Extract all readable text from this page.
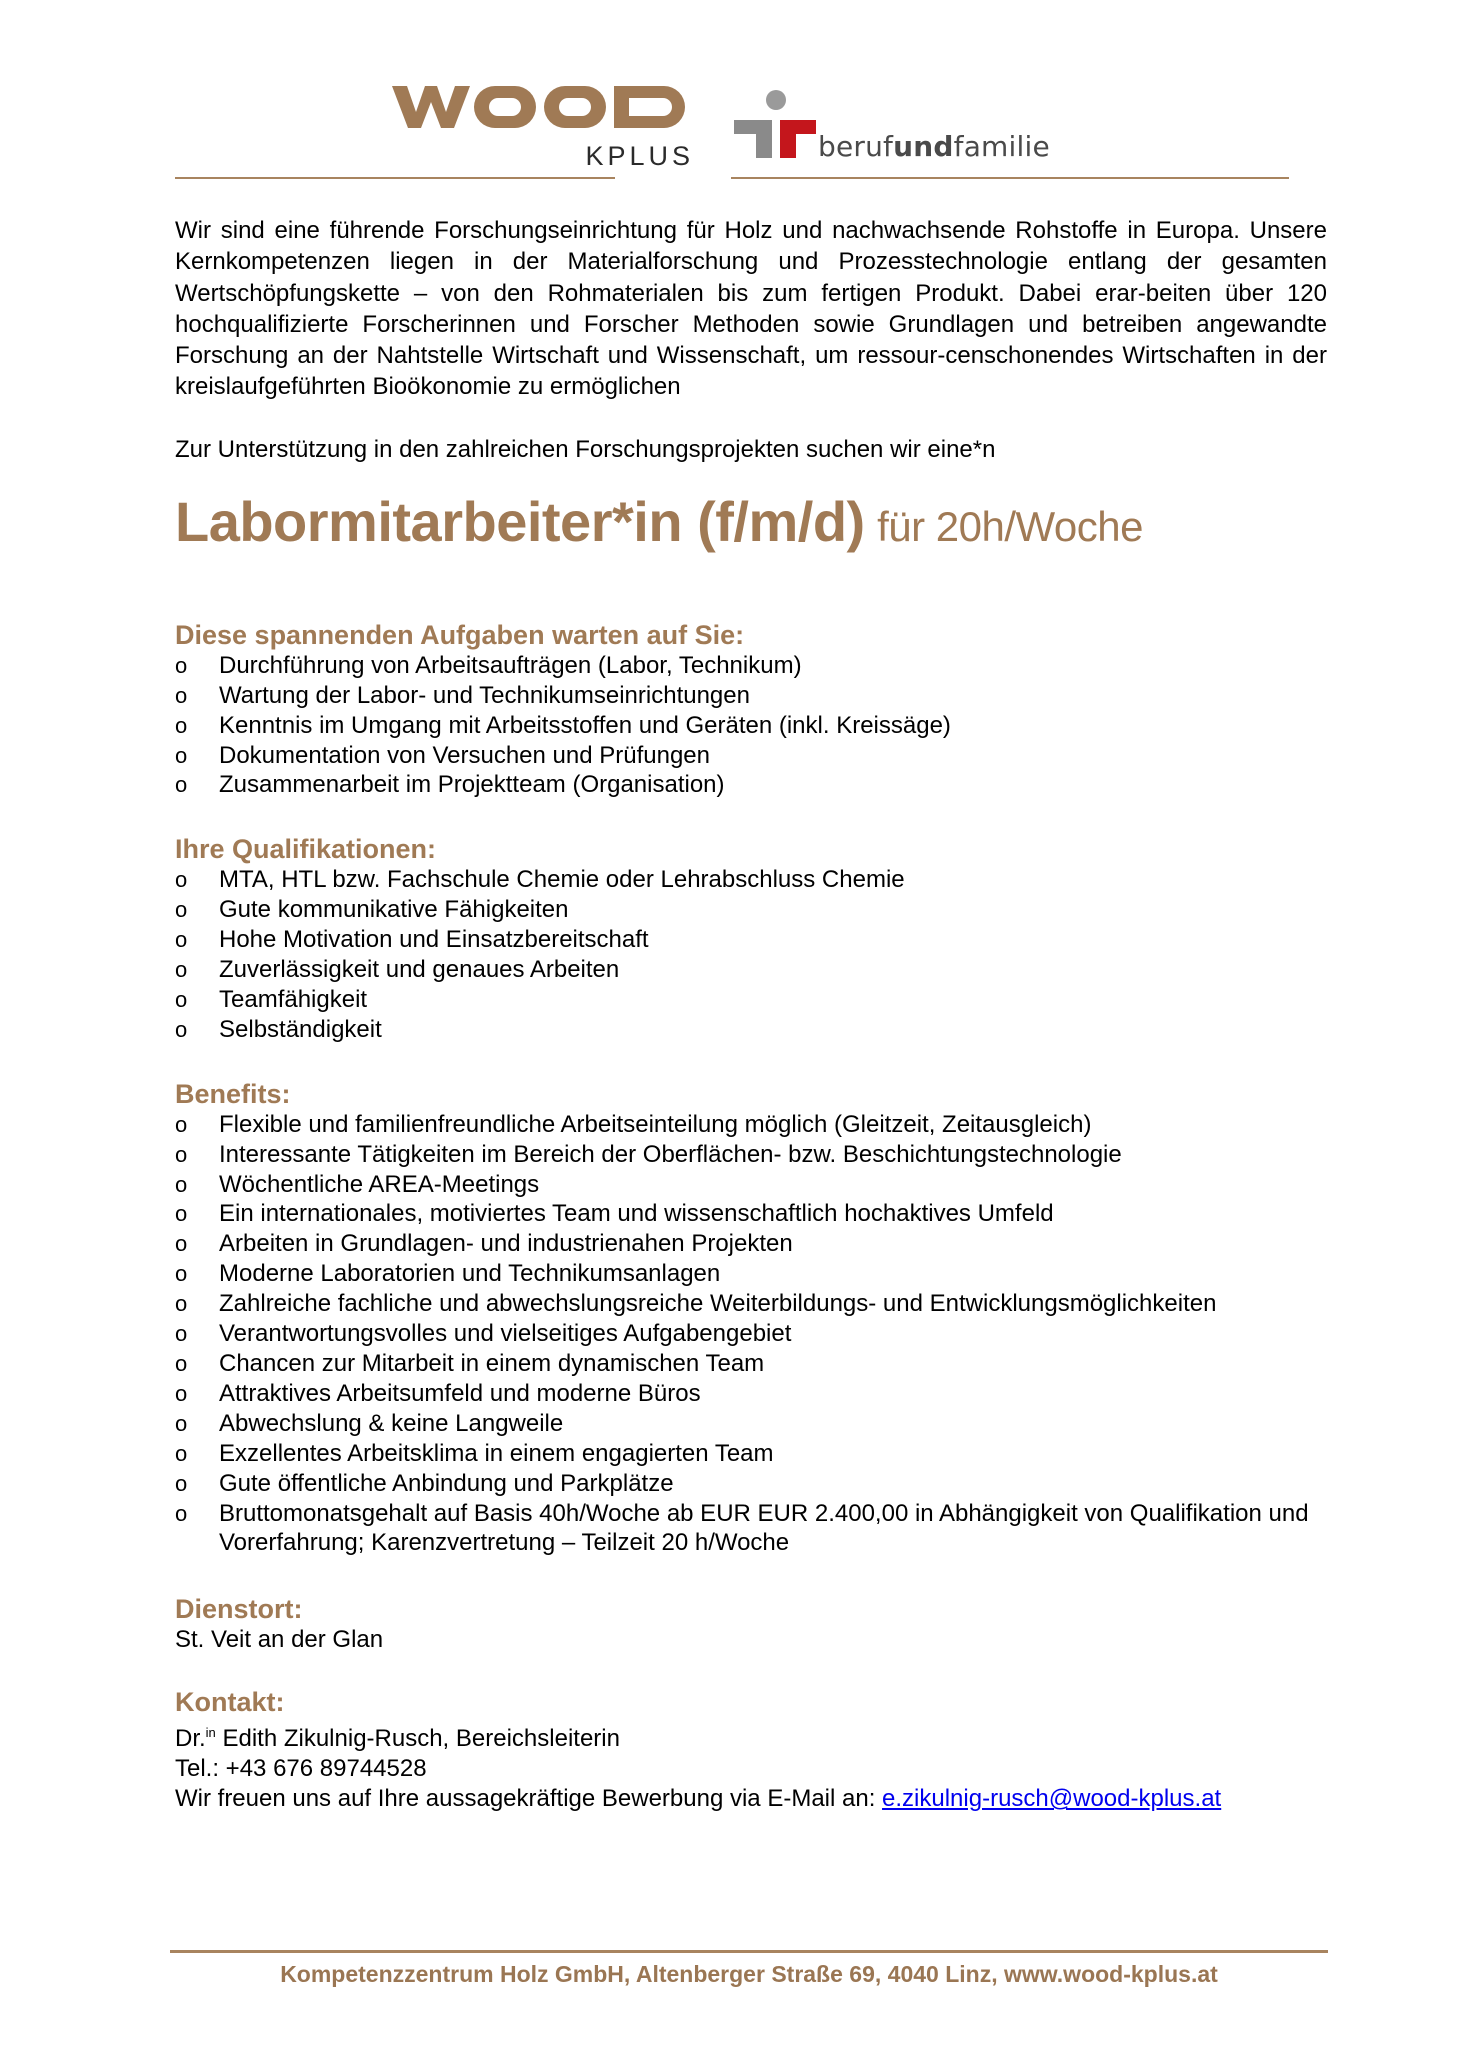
KPLUS	berufundfamilie

Wir sind eine führende Forschungseinrichtung für Holz und nachwachsende Rohstoffe in Europa. Unsere Kernkompetenzen liegen in der Materialforschung und Prozesstechnologie entlang der gesamten Wertschöpfungskette – von den Rohmaterialen bis zum fertigen Produkt. Dabei erar-beiten über 120 hochqualifizierte Forscherinnen und Forscher Methoden sowie Grundlagen und betreiben angewandte Forschung an der Nahtstelle Wirtschaft und Wissenschaft, um ressour-censchonendes Wirtschaften in der kreislaufgeführten Bioökonomie zu ermöglichen

Zur Unterstützung in den zahlreichen Forschungsprojekten suchen wir eine*n

Labormitarbeiter*in (f/m/d) für 20h/Woche
Diese spannenden Aufgaben warten auf Sie:
o	Durchführung von Arbeitsaufträgen (Labor, Technikum)
o	Wartung der Labor- und Technikumseinrichtungen
o	Kenntnis im Umgang mit Arbeitsstoffen und Geräten (inkl. Kreissäge)
o	Dokumentation von Versuchen und Prüfungen
o	Zusammenarbeit im Projektteam (Organisation)
Ihre Qualifikationen:
o	MTA, HTL bzw. Fachschule Chemie oder Lehrabschluss Chemie
o	Gute kommunikative Fähigkeiten
o	Hohe Motivation und Einsatzbereitschaft
o	Zuverlässigkeit und genaues Arbeiten
o	Teamfähigkeit
o	Selbständigkeit
Benefits:
o	Flexible und familienfreundliche Arbeitseinteilung möglich (Gleitzeit, Zeitausgleich)
o	Interessante Tätigkeiten im Bereich der Oberflächen- bzw. Beschichtungstechnologie
o	Wöchentliche AREA-Meetings
o	Ein internationales, motiviertes Team und wissenschaftlich hochaktives Umfeld
o	Arbeiten in Grundlagen- und industrienahen Projekten
o	Moderne Laboratorien und Technikumsanlagen
o	Zahlreiche fachliche und abwechslungsreiche Weiterbildungs- und Entwicklungsmöglichkeiten
o	Verantwortungsvolles und vielseitiges Aufgabengebiet
o	Chancen zur Mitarbeit in einem dynamischen Team
o	Attraktives Arbeitsumfeld und moderne Büros
o	Abwechslung & keine Langweile
o	Exzellentes Arbeitsklima in einem engagierten Team
o	Gute öffentliche Anbindung und Parkplätze
o	Bruttomonatsgehalt auf Basis 40h/Woche ab EUR EUR 2.400,00 in Abhängigkeit von Qualifikation und Vorerfahrung; Karenzvertretung – Teilzeit 20 h/Woche
Dienstort:

St. Veit an der Glan

Kontakt:

Dr.$^{in}$ Edith Zikulnig-Rusch, Bereichsleiterin

Tel.: +43 676 89744528

Wir freuen uns auf Ihre aussagekräftige Bewerbung via E-Mail an: e.zikulnig-rusch@wood-kplus.at

Kompetenzzentrum Holz GmbH, Altenberger Straße 69, 4040 Linz, www.wood-kplus.at
